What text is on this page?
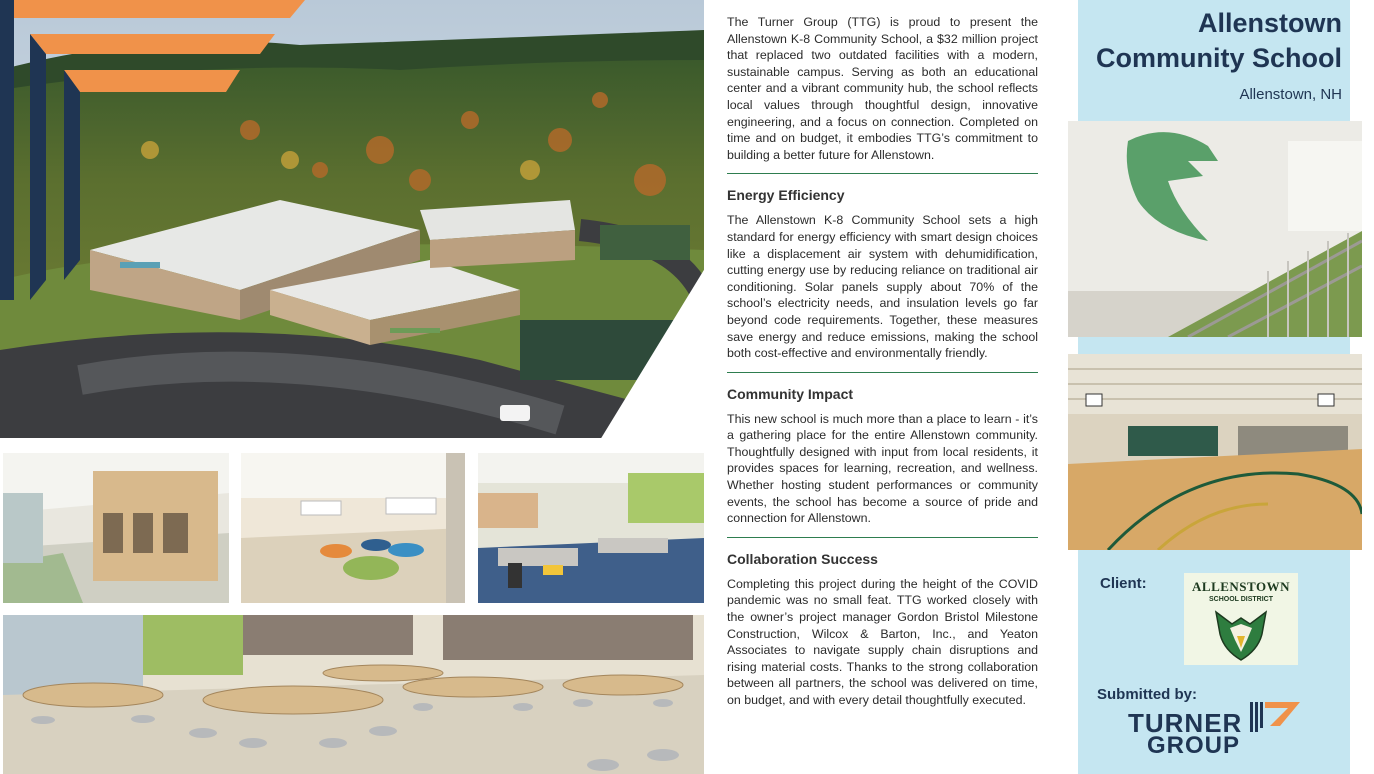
The Turner Group (TTG) is proud to present the Allenstown K-8 Community School, a $32 million project that replaced two outdated facilities with a modern, sustainable campus. Serving as both an educational center and a vibrant community hub, the school reflects local values through thoughtful design, innovative engineering, and a focus on connection. Completed on time and on budget, it embodies TTG’s commitment to building a better future for Allenstown.

Energy Efficiency

The Allenstown K-8 Community School sets a high standard for energy efficiency with smart design choices like a displacement air system with dehumidification, cutting energy use by reducing reliance on traditional air conditioning. Solar panels supply about 70% of the school’s electricity needs, and insulation levels go far beyond code requirements. Together, these measures save energy and reduce emissions, making the school both cost-effective and environmentally friendly.

Community Impact

This new school is much more than a place to learn - it’s a gathering place for the entire Allenstown community. Thoughtfully designed with input from local residents, it provides spaces for learning, recreation, and wellness. Whether hosting student performances or community events, the school has become a source of pride and connection for Allenstown.

Collaboration Success

Completing this project during the height of the COVID pandemic was no small feat. TTG worked closely with the owner’s project manager Gordon Bristol Milestone Construction, Wilcox & Barton, Inc., and Yeaton Associates to navigate supply chain disruptions and rising material costs. Thanks to the strong collaboration between all partners, the school was delivered on time, on budget, and with every detail thoughtfully executed.

Allenstown
Community School
Allenstown, NH
Client:	ALLENSTOWN
SCHOOL DISTRICT
Submitted by:
TURNER
GROUP
